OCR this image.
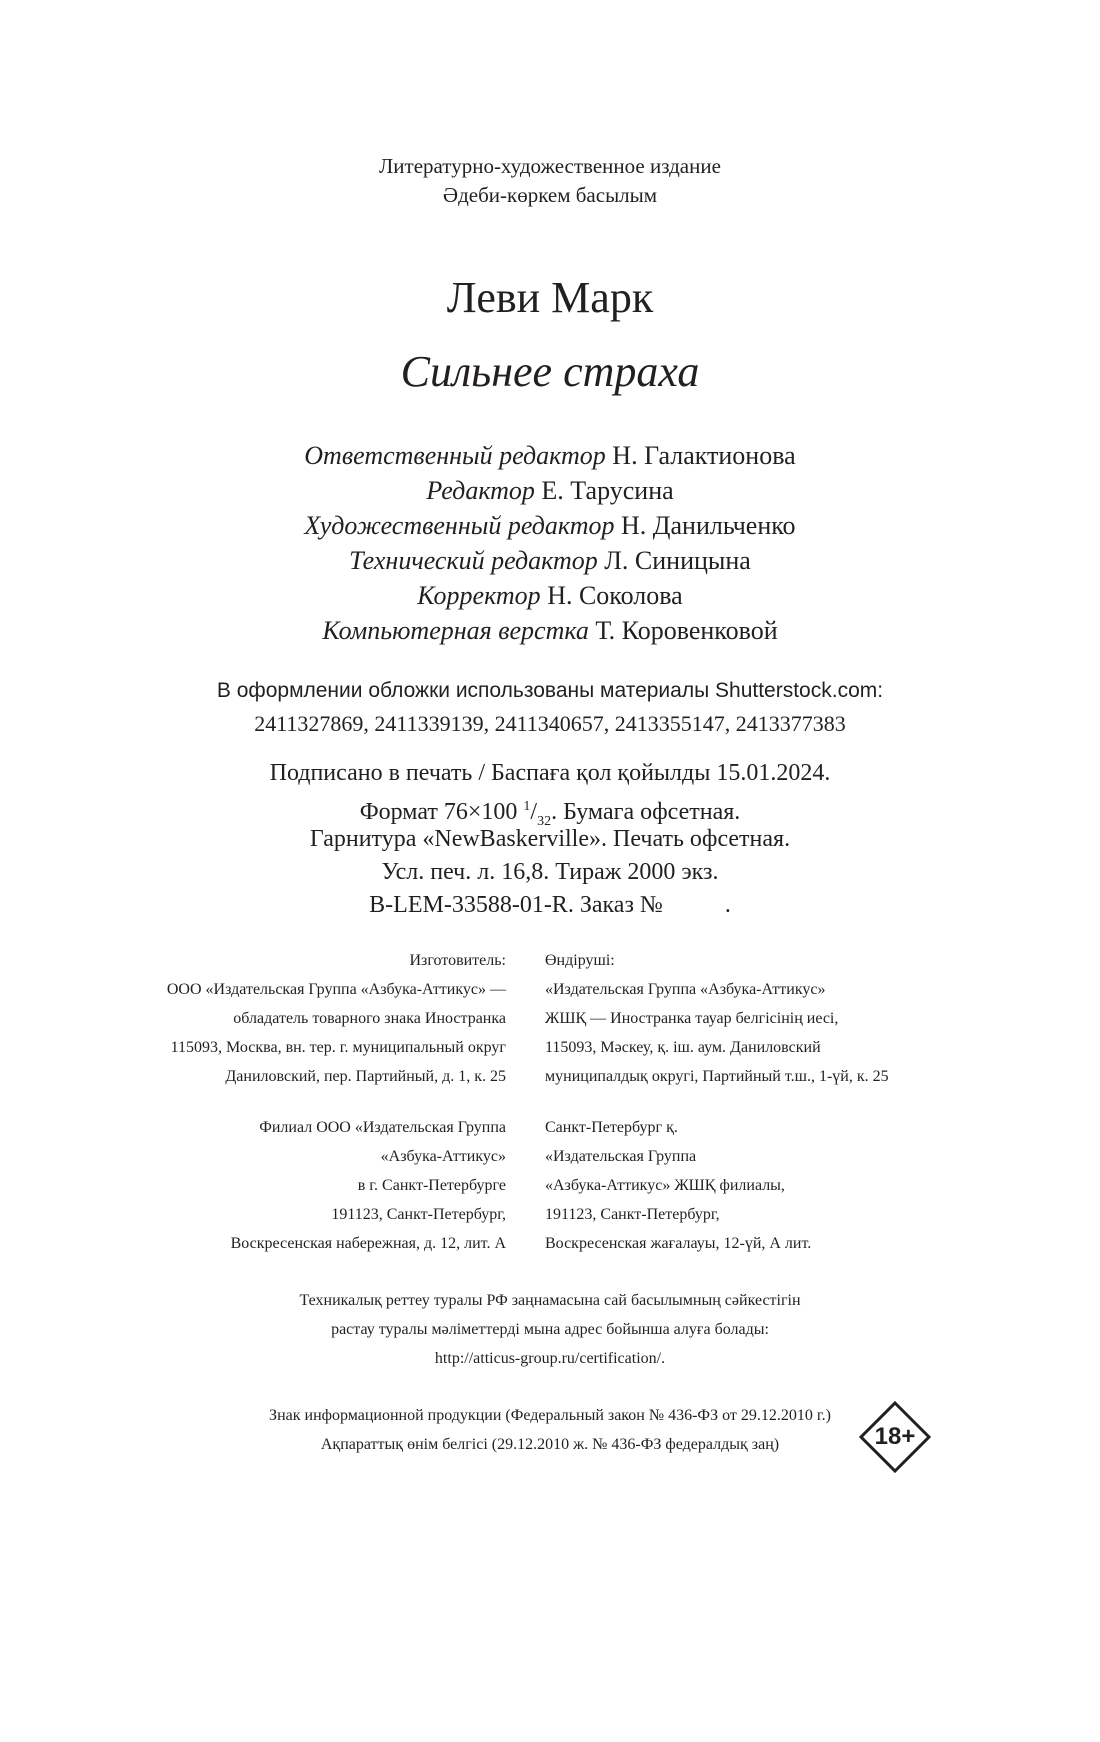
Литературно-художественное издание
Әдеби-көркем басылым
Леви Марк
Сильнее страха
Ответственный редактор Н. Галактионова
Редактор Е. Тарусина
Художественный редактор Н. Данильченко
Технический редактор Л. Синицына
Корректор Н. Соколова
Компьютерная верстка Т. Коровенковой
В оформлении обложки использованы материалы Shutterstock.com:
2411327869, 2411339139, 2411340657, 2413355147, 2413377383
Подписано в печать / Баспаға қол қойылды 15.01.2024.
Формат 76×100 $^1/_{32}$. Бумага офсетная.
Гарнитура «NewBaskerville». Печать офсетная.
Усл. печ. л. 16,8. Тираж 2000 экз.
B-LEM-33588-01-R. Заказ №	.
Изготовитель:
ООО «Издательская Группа «Азбука-Аттикус» —
обладатель товарного знака Иностранка
115093, Москва, вн. тер. г. муниципальный округ
Даниловский, пер. Партийный, д. 1, к. 25
Өндіруші:
«Издательская Группа «Азбука-Аттикус»
ЖШҚ — Иностранка тауар белгісінің иесі,
115093, Мәскеу, қ. іш. аум. Даниловский
муниципалдық округі, Партийный т.ш., 1-үй, к. 25
Филиал ООО «Издательская Группа
«Азбука-Аттикус»
в г. Санкт-Петербурге
191123, Санкт-Петербург,
Воскресенская набережная, д. 12, лит. А
Санкт-Петербург қ.
«Издательская Группа
«Азбука-Аттикус» ЖШҚ филиалы,
191123, Санкт-Петербург,
Воскресенская жағалауы, 12-үй, А лит.
Техникалық реттеу туралы РФ заңнамасына сай басылымның сәйкестігін
растау туралы мәліметтерді мына адрес бойынша алуға болады:
http://atticus-group.ru/certification/.
Знак информационной продукции (Федеральный закон № 436-ФЗ от 29.12.2010 г.)
Ақпараттық өнім белгісі (29.12.2010 ж. № 436-ФЗ федералдық заң)	18+
